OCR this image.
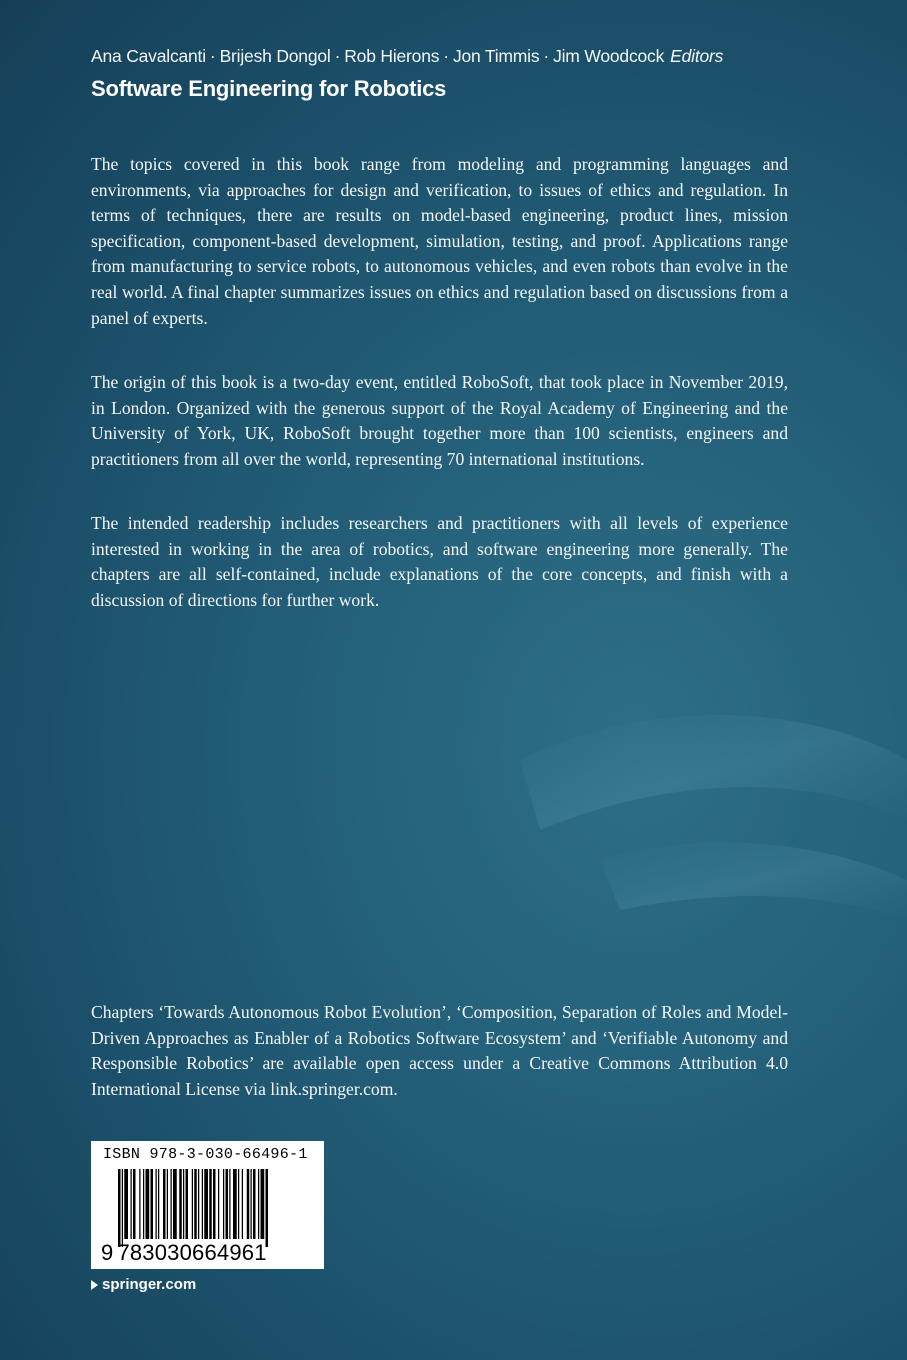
Ana Cavalcanti · Brijesh Dongol · Rob Hierons · Jon Timmis · Jim Woodcock Editors
Software Engineering for Robotics

The topics covered in this book range from modeling and programming languages and environments, via approaches for design and verification, to issues of ethics and regulation. In terms of techniques, there are results on model-based engineering, product lines, mission specification, component-based development, simulation, testing, and proof. Applications range from manufacturing to service robots, to autonomous vehicles, and even robots than evolve in the real world. A final chapter summarizes issues on ethics and regulation based on discussions from a panel of experts.

The origin of this book is a two-day event, entitled RoboSoft, that took place in November 2019, in London. Organized with the generous support of the Royal Academy of Engineering and the University of York, UK, RoboSoft brought together more than 100 scientists, engineers and practitioners from all over the world, representing 70 international institutions.

The intended readership includes researchers and practitioners with all levels of experience interested in working in the area of robotics, and software engineering more generally. The chapters are all self-contained, include explanations of the core concepts, and finish with a discussion of directions for further work.

Chapters ‘Towards Autonomous Robot Evolution’, ‘Composition, Separation of Roles and Model-Driven Approaches as Enabler of a Robotics Software Ecosystem’ and ‘Verifiable Autonomy and Responsible Robotics’ are available open access under a Creative Commons Attribution 4.0 International License via link.springer.com.

ISBN 978-3-030-66496-1
9 783030664961
springer.com
